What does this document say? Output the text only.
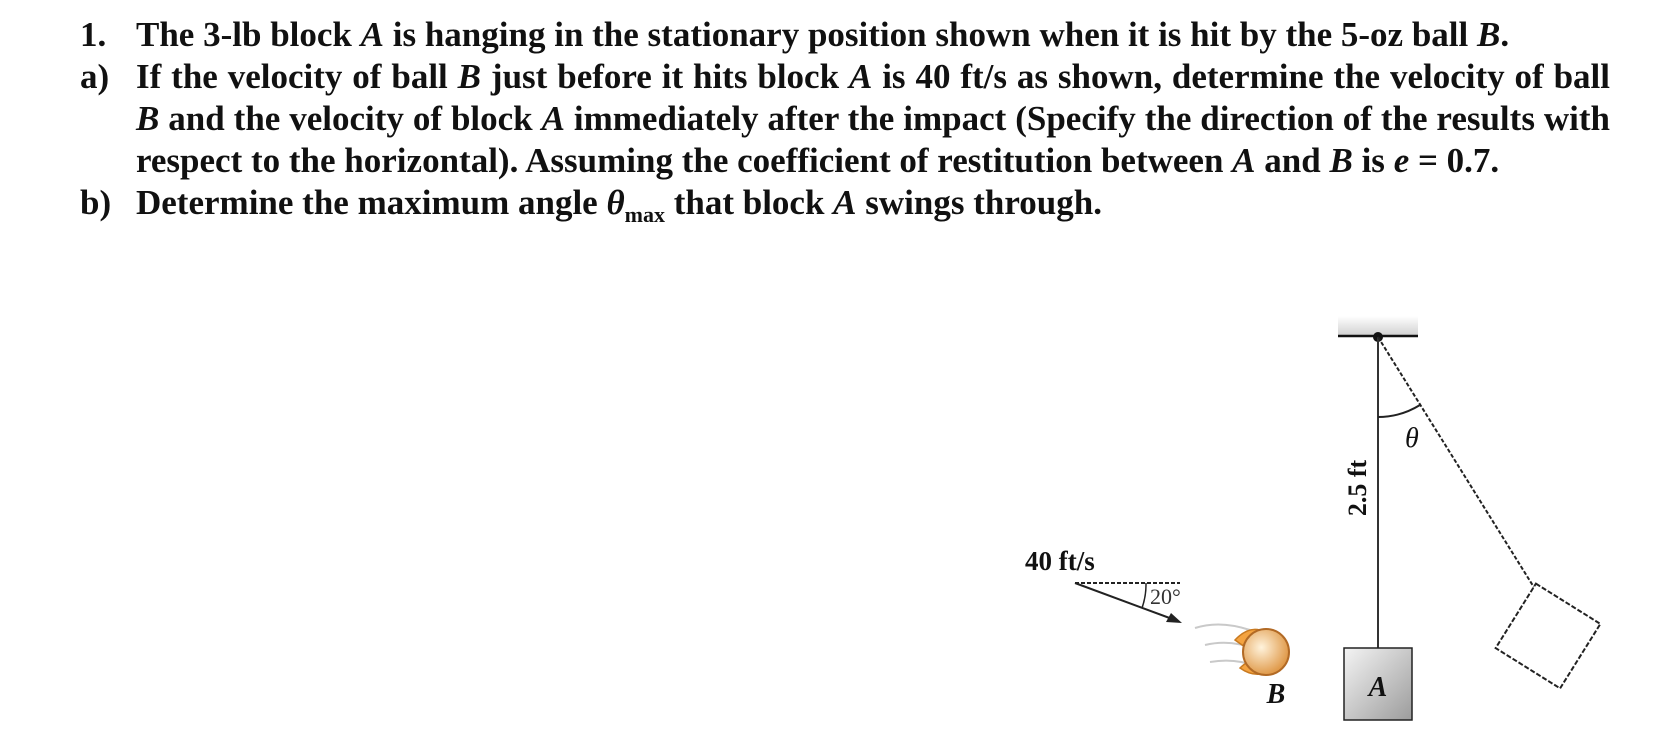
1. The 3-lb block A is hanging in the stationary position shown when it is hit by the 5-oz ball B.
a) If the velocity of ball B just before it hits block A is 40 ft/s as shown, determine the velocity of ball B and the velocity of block A immediately after the impact (Specify the direction of the results with respect to the horizontal). Assuming the coefficient of restitution between A and B is e = 0.7.
b) Determine the maximum angle $\theta_{max}$ that block A swings through.
A
2.5 ft
θ
40 ft/s
20°
B
